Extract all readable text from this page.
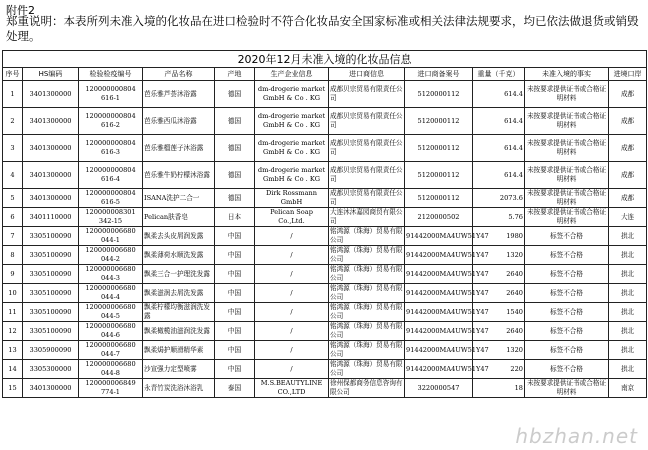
附件2
郑重说明：本表所列未准入境的化妆品在进口检验时不符合化妆品安全国家标准或相关法律法规要求，均已依法做退货或销毁处理。
2020年12月未准入境的化妆品信息										
序号	HS编码	检验检疫编号	产品名称	产地	生产企业信息	进口商信息	进口商备案号	重量（千克）	未准入境的事实	进境口岸
1	3401300000	120000000804 616-1	芭乐雅芦荟沐浴露	德国	dm-drogerie market GmbH & Co . KG	成都贝宗贸易有限责任公司	5120000112	614.4	未按要求提供证书或合格证明材料	成都
2	3401300000	120000000804 616-2	芭乐雅西瓜沐浴露	德国	dm-drogerie market GmbH & Co . KG	成都贝宗贸易有限责任公司	5120000112	614.4	未按要求提供证书或合格证明材料	成都
3	3401300000	120000000804 616-3	芭乐雅榴莲子沐浴露	德国	dm-drogerie market GmbH & Co . KG	成都贝宗贸易有限责任公司	5120000112	614.4	未按要求提供证书或合格证明材料	成都
4	3401300000	120000000804 616-4	芭乐雅牛奶柠檬沐浴露	德国	dm-drogerie market GmbH & Co . KG	成都贝宗贸易有限责任公司	5120000112	614.4	未按要求提供证书或合格证明材料	成都
5	3401300000	120000000804 616-5	ISANA洗护二合一	德国	Dirk Rossmann GmbH	成都贝宗贸易有限责任公司	5120000112	2073.6	未按要求提供证书或合格证明材料	成都
6	3401110000	120000008301 342-15	Pelican肤香皂	日本	Pelican Soap Co.,Ltd.	大连沐沐嘉园商贸有限公司	2120000502	5.76	未按要求提供证书或合格证明材料	大连
7	3305100090	120000006680 044-1	飘柔去头皮屑润发露	中国	/	铭鸿源（珠海）贸易有限公司	91442000MA4UW51Y47	1980	标签不合格	拱北
8	3305100090	120000006680 044-2	飘柔薄荷水顺洗发露	中国	/	铭鸿源（珠海）贸易有限公司	91442000MA4UW51Y47	1320	标签不合格	拱北
9	3305100090	120000006680 044-3	飘柔三合一护理洗发露	中国	/	铭鸿源（珠海）贸易有限公司	91442000MA4UW51Y47	2640	标签不合格	拱北
10	3305100090	120000006680 044-4	飘柔滋润去屑洗发露	中国	/	铭鸿源（珠海）贸易有限公司	91442000MA4UW51Y47	2640	标签不合格	拱北
11	3305100090	120000006680 044-5	飘柔柠檬均衡滋润洗发露	中国	/	铭鸿源（珠海）贸易有限公司	91442000MA4UW51Y47	1540	标签不合格	拱北
12	3305100090	120000006680 044-6	飘柔橄榄油滋润洗发露	中国	/	铭鸿源（珠海）贸易有限公司	91442000MA4UW51Y47	2640	标签不合格	拱北
13	3305900090	120000006680 044-7	飘柔焗护顺滑精华素	中国	/	铭鸿源（珠海）贸易有限公司	91442000MA4UW51Y47	1320	标签不合格	拱北
14	3305300000	120000006680 044-8	沙宣强力定型喷雾	中国	/	铭鸿源（珠海）贸易有限公司	91442000MA4UW51Y47	220	标签不合格	拱北
15	3401300000	120000006849 774-1	永青竹炭洗浴沐浴乳	泰国	M.S.BEAUTYLINE CO.,LTD	徐州保都商务信息咨询有限公司	3220000547	18	未按要求提供证书或合格证明材料	南京
hbzhan.net
